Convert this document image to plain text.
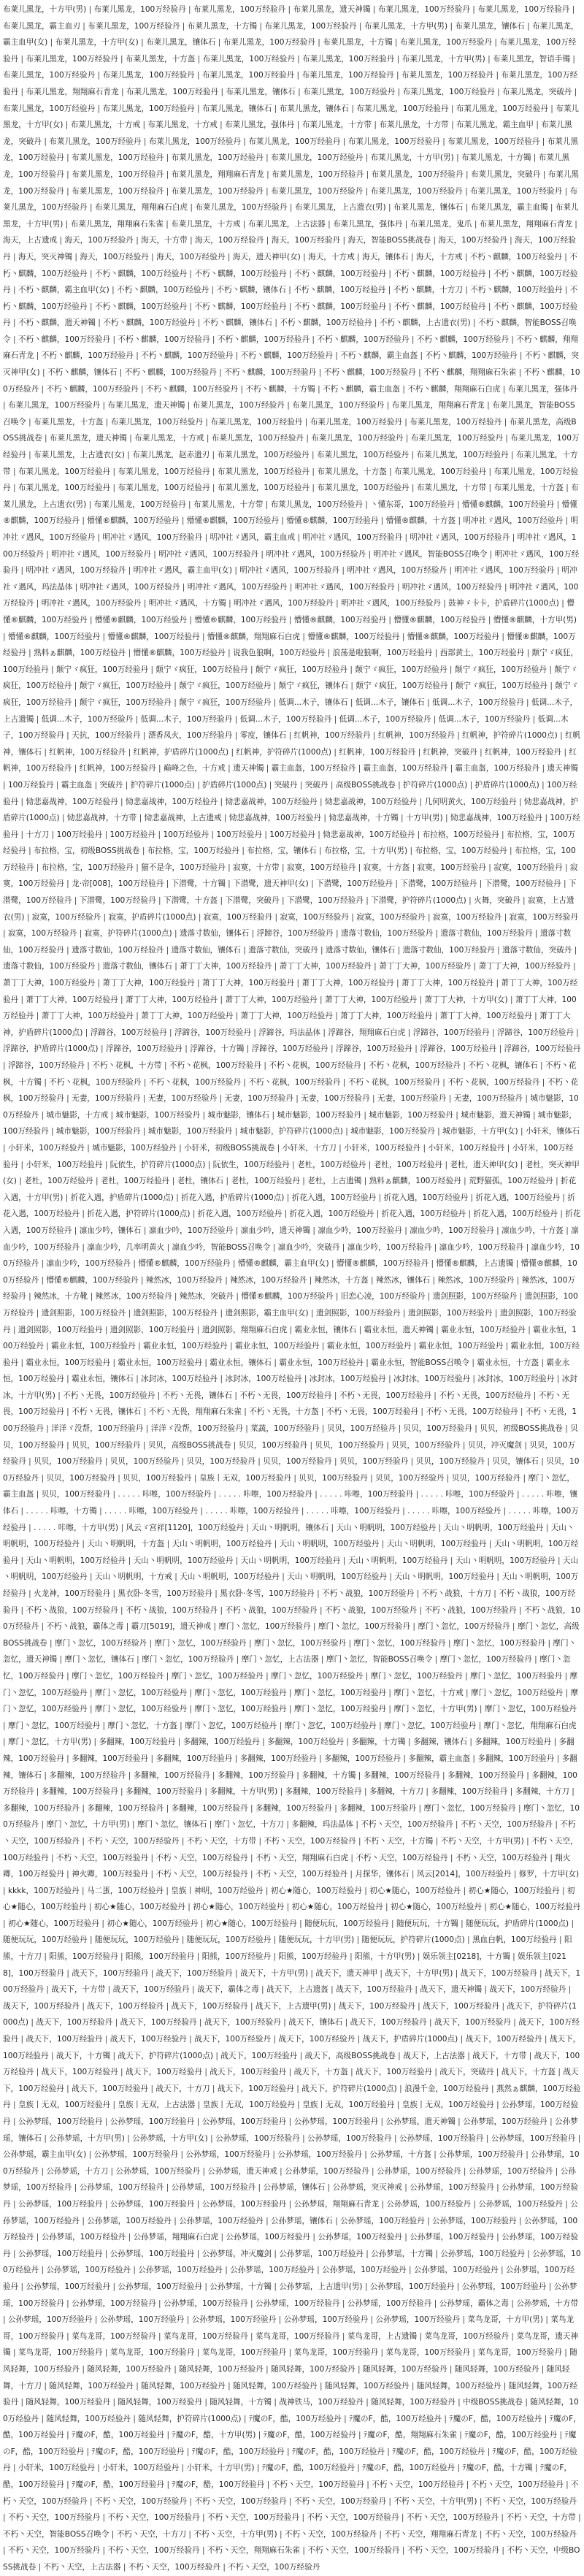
布莱儿黑龙，十方甲(男) | 布莱儿黑龙，100万经验丹 | 布莱儿黑龙，100万经验丹 | 布莱儿黑龙，遗天神镯 | 布莱儿黑龙，100万经验丹 | 布莱儿黑龙，100万经验丹 | 布莱儿黑龙，霸主血刃 | 布莱儿黑龙，100万经验丹 | 布莱儿黑龙，十方镯 | 布莱儿黑龙，100万经验丹 | 布莱儿黑龙，十方甲(男) | 布莱儿黑龙，镶体石 | 布莱儿黑龙，霸主血甲(女) | 布莱儿黑龙，十方甲(女) | 布莱儿黑龙，镶体石 | 布莱儿黑龙，100万经验丹 | 布莱儿黑龙，十方镯 | 布莱儿黑龙，100万经验丹 | 布莱儿黑龙，100万经验丹 | 布莱儿黑龙，100万经验丹 | 布莱儿黑龙，十方盔 | 布莱儿黑龙，100万经验丹 | 布莱儿黑龙，100万经验丹 | 布莱儿黑龙，十方甲(男) | 布莱儿黑龙，智语手镯 | 布莱儿黑龙，100万经验丹 | 布莱儿黑龙，100万经验丹 | 布莱儿黑龙，100万经验丹 | 布莱儿黑龙，100万经验丹 | 布莱儿黑龙，100万经验丹 | 布莱儿黑龙，100万经验丹 | 布莱儿黑龙，翔翔麻石青龙 | 布莱儿黑龙，100万经验丹 | 布莱儿黑龙，镶体石 | 布莱儿黑龙，100万经验丹 | 布莱儿黑龙，100万经验丹 | 布莱儿黑龙，突破丹 | 布莱儿黑龙，100万经验丹 | 布莱儿黑龙，100万经验丹 | 布莱儿黑龙，镶体石 | 布莱儿黑龙，镶体石 | 布莱儿黑龙，100万经验丹 | 布莱儿黑龙，100万经验丹 | 布莱儿黑龙，十方甲(女) | 布莱儿黑龙，十方戒 | 布莱儿黑龙，十方戒 | 布莱儿黑龙，强体丹 | 布莱儿黑龙，十方带 | 布莱儿黑龙，十方带 | 布莱儿黑龙，霸主血甲 | 布莱儿黑龙，突破丹 | 布莱儿黑龙，100万经验丹 | 布莱儿黑龙，100万经验丹 | 布莱儿黑龙，100万经验丹 | 布莱儿黑龙，100万经验丹 | 布莱儿黑龙，100万经验丹 | 布莱儿黑龙，100万经验丹 | 布莱儿黑龙，100万经验丹 | 布莱儿黑龙，100万经验丹 | 布莱儿黑龙，100万经验丹 | 布莱儿黑龙，十方甲(男) | 布莱儿黑龙，十方镯 | 布莱儿黑龙，100万经验丹 | 布莱儿黑龙，100万经验丹 | 布莱儿黑龙，翔翔麻石青龙 | 布莱儿黑龙，100万经验丹 | 布莱儿黑龙，100万经验丹 | 布莱儿黑龙，突破丹 | 布莱儿黑龙，100万经验丹 | 布莱儿黑龙，100万经验丹 | 布莱儿黑龙，100万经验丹 | 布莱儿黑龙，100万经验丹 | 布莱儿黑龙，100万经验丹 | 布莱儿黑龙，100万经验丹 | 布莱儿黑龙，100万经验丹 | 布莱儿黑龙，翔翔麻石白虎 | 布莱儿黑龙，100万经验丹 | 布莱儿黑龙，上古遗衣(男) | 布莱儿黑龙，镶体石 | 布莱儿黑龙，霸主血镯 | 布莱儿黑龙，十方甲(男) | 布莱儿黑龙，翔翔麻石朱雀 | 布莱儿黑龙，十方戒 | 布莱儿黑龙，上古法器 | 布莱儿黑龙，强体丹 | 布莱儿黑龙，鬼爪 | 布莱儿黑龙，翔翔麻石青龙 | 海天，上古遗戒 | 海天，100万经验丹 | 海天，十方带 | 海天，100万经验丹 | 海天，100万经验丹 | 海天，智能BOSS挑战卷 | 海天，100万经验丹 | 海天，100万经验丹 | 海天，突灭神镯 | 海天，100万经验丹 | 海天，100万经验丹 | 海天，遗天神甲(女) | 海天，十方戒 | 海天，镶体石 | 海天，十方戒 | 不朽丶麒麟，100万经验丹 | 不朽丶麒麟，100万经验丹 | 不朽丶麒麟，100万经验丹 | 不朽丶麒麟，100万经验丹 | 不朽丶麒麟，100万经验丹 | 不朽丶麒麟，100万经验丹 | 不朽丶麒麟，100万经验丹 | 不朽丶麒麟，霸主血甲(女) | 不朽丶麒麟，100万经验丹 | 不朽丶麒麟，镶体石 | 不朽丶麒麟，100万经验丹 | 不朽丶麒麟，十方刀 | 不朽丶麒麟，100万经验丹 | 不朽丶麒麟，100万经验丹 | 不朽丶麒麟，100万经验丹 | 不朽丶麒麟，100万经验丹 | 不朽丶麒麟，100万经验丹 | 不朽丶麒麟，100万经验丹 | 不朽丶麒麟，100万经验丹 | 不朽丶麒麟，遗天神镯 | 不朽丶麒麟，100万经验丹 | 不朽丶麒麟，镶体石 | 不朽丶麒麟，100万经验丹 | 不朽丶麒麟，上古遗衣(男) | 不朽丶麒麟，智能BOSS召唤令 | 不朽丶麒麟，100万经验丹 | 不朽丶麒麟，100万经验丹 | 不朽丶麒麟，100万经验丹 | 不朽丶麒麟，100万经验丹 | 不朽丶麒麟，100万经验丹 | 不朽丶麒麟，翔翔麻石青龙 | 不朽丶麒麟，100万经验丹 | 不朽丶麒麟，100万经验丹 | 不朽丶麒麟，100万经验丹 | 不朽丶麒麟，霸主血盔 | 不朽丶麒麟，100万经验丹 | 不朽丶麒麟，突灭神甲(女) | 不朽丶麒麟，镶体石 | 不朽丶麒麟，100万经验丹 | 不朽丶麒麟，100万经验丹 | 不朽丶麒麟，100万经验丹 | 不朽丶麒麟，翔翔麻石朱雀 | 不朽丶麒麟，100万经验丹 | 不朽丶麒麟，100万经验丹 | 不朽丶麒麟，100万经验丹 | 不朽丶麒麟，十方镯 | 不朽丶麒麟，霸主血盔 | 不朽丶麒麟，翔翔麻石白虎 | 布莱儿黑龙，强体丹 | 布莱儿黑龙，100万经验丹 | 布莱儿黑龙，遗天神镯 | 布莱儿黑龙，100万经验丹 | 布莱儿黑龙，100万经验丹 | 布莱儿黑龙，翔翔麻石青龙 | 布莱儿黑龙，智能BOSS召唤令 | 布莱儿黑龙，十方盔 | 布莱儿黑龙，100万经验丹 | 布莱儿黑龙，100万经验丹 | 布莱儿黑龙，100万经验丹 | 布莱儿黑龙，100万经验丹 | 布莱儿黑龙，高级BOSS挑战卷 | 布莱儿黑龙，遗天神镯 | 布莱儿黑龙，十方戒 | 布莱儿黑龙，100万经验丹 | 布莱儿黑龙，100万经验丹 | 布莱儿黑龙，100万经验丹 | 布莱儿黑龙，100万经验丹 | 布莱儿黑龙，上古遗衣(女) | 布莱儿黑龙，赵赤遗刃 | 布莱儿黑龙，100万经验丹 | 布莱儿黑龙，100万经验丹 | 布莱儿黑龙，100万经验丹 | 布莱儿黑龙，十方带 | 布莱儿黑龙，100万经验丹 | 布莱儿黑龙，100万经验丹 | 布莱儿黑龙，100万经验丹 | 布莱儿黑龙，十方盔 | 布莱儿黑龙，100万经验丹 | 布莱儿黑龙，100万经验丹 | 布莱儿黑龙，100万经验丹 | 布莱儿黑龙，100万经验丹 | 布莱儿黑龙，100万经验丹 | 布莱儿黑龙，100万经验丹 | 布莱儿黑龙，十方带 | 布莱儿黑龙，十方盔 | 布莱儿黑龙，上古遗衣(男) | 布莱儿黑龙，100万经验丹 | 布莱儿黑龙，十方带 | 布莱儿黑龙，100万经验丹 | 丶懂东哥，100万经验丹 | 懵懂®麒麟，100万经验丹 | 懵懂®麒麟，100万经验丹 | 懵懂®麒麟，100万经验丹 | 懵懂®麒麟，100万经验丹 | 懵懂®麒麟，100万经验丹 | 懵懂®麒麟，十方盔 | 明冲社ゞ遇风，100万经验丹 | 明冲社ゞ遇风，100万经验丹 | 明冲社ゞ遇风，100万经验丹 | 明冲社ゞ遇风，霸主血戒 | 明冲社ゞ遇风，100万经验丹 | 明冲社ゞ遇风，100万经验丹 | 明冲社ゞ遇风，100万经验丹 | 明冲社ゞ遇风，100万经验丹 | 明冲社ゞ遇风，100万经验丹 | 明冲社ゞ遇风，100万经验丹 | 明冲社ゞ遇风，智能BOSS召唤令 | 明冲社ゞ遇风，100万经验丹 | 明冲社ゞ遇风，100万经验丹 | 明冲社ゞ遇风，霸主血甲(女) | 明冲社ゞ遇风，100万经验丹 | 明冲社ゞ遇风，100万经验丹 | 明冲社ゞ遇风，100万经验丹 | 明冲社ゞ遇风，玛法晶体 | 明冲社ゞ遇风，100万经验丹 | 明冲社ゞ遇风，100万经验丹 | 明冲社ゞ遇风，100万经验丹 | 明冲社ゞ遇风，100万经验丹 | 明冲社ゞ遇风，100万经验丹 | 明冲社ゞ遇风，100万经验丹 | 明冲社ゞ遇风，十方镯 | 明冲社ゞ遇风，100万经验丹 | 明冲社ゞ遇风，100万经验丹 | 鼓神ゞ卡卡，护盾碎片(1000点) | 懵懂®麒麟，100万经验丹 | 懵懂®麒麟，100万经验丹 | 懵懂®麒麟，100万经验丹 | 懵懂®麒麟，100万经验丹 | 懵懂®麒麟，100万经验丹 | 懵懂®麒麟，十方甲(男) | 懵懂®麒麟，100万经验丹 | 懵懂®麒麟，100万经验丹 | 懵懂®麒麟，翔翔麻石白虎 | 懵懂®麒麟，100万经验丹 | 懵懂®麒麟，100万经验丹 | 懵懂®麒麟，100万经验丹 | 熟料ぁ麒麟，100万经验丹 | 懵懂®麒麟，100万经验丹 | 说我色狼啊，100万经验丹 | 浪荡是啦狼啊，100万经验丹 | 西部黄土，100万经验丹 | 颠宁ゞ疯狂，100万经验丹 | 颠宁ゞ疯狂，100万经验丹 | 颠宁ゞ疯狂，100万经验丹 | 颠宁ゞ疯狂，100万经验丹 | 颠宁ゞ疯狂，100万经验丹 | 颠宁ゞ疯狂，100万经验丹 | 颠宁ゞ疯狂，100万经验丹 | 颠宁ゞ疯狂，100万经验丹 | 颠宁ゞ疯狂，100万经验丹 | 颠宁ゞ疯狂，镶体石 | 颠宁ゞ疯狂，100万经验丹 | 颠宁ゞ疯狂，100万经验丹 | 颠宁ゞ疯狂，100万经验丹 | 颠宁ゞ疯狂，100万经验丹 | 颠宁ゞ疯狂，100万经验丹 | 低调...木子，镶体石 | 低调...木子，镶体石 | 低调...木子，100万经验丹 | 低调...木子，上古遗镯 | 低调...木子，100万经验丹 | 低调...木子，100万经验丹 | 低调...木子，100万经验丹 | 低调...木子，100万经验丹 | 低调...木子，100万经验丹 | 低调...木子，100万经验丹 | 天抗，100万经验丹 | 漂香凤火，100万经验丹 | 零度，镶体石 | 红帆神，100万经验丹 | 红帆神，100万经验丹 | 红帆神，护符碎片(1000点) | 红帆神，镶体石 | 红帆神，100万经验丹 | 红帆神，护盾碎片(1000点) | 红帆神，护符碎片(1000点) | 红帆神，100万经验丹 | 红帆神，突破丹 | 红帆神，100万经验丹 | 红帆神，100万经验丹 | 红帆神，100万经验丹 | 巅峰之色，十方戒 | 遗天神镯 | 霸主血盔，100万经验丹 | 霸主血盔，100万经验丹 | 霸主血盔，100万经验丹 | 遗天神镯 | 100万经验丹 | 霸主血盔 | 突破丹 | 护符碎片(1000点) | 护盾碎片(1000点) | 突破丹 | 突破丹 | 高级BOSS挑战卷 | 护符碎片(1000点) | 护盾碎片(1000点) | 100万经验丹 | 恸悲嘉战神，100万经验丹 | 恸悲嘉战神，100万经验丹 | 恸悲嘉战神，100万经验丹 | 恸悲嘉战神，100万经验丹 | 几何明黄火，100万经验丹 | 恸悲嘉战神，护盾碎片(1000点) | 恸悲嘉战神，十方带 | 恸悲嘉战神，上古遗戒 | 恸悲嘉战神，100万经验丹 | 恸悲嘉战神，十方镯 | 十方甲(男) | 恸悲嘉战神，100万经验丹 | 100万经验丹 | 十方刀 | 100万经验丹 | 100万经验丹 | 100万经验丹 | 100万经验丹 | 100万经验丹 | 恸悲嘉战神，100万经验丹 | 布拉格，100万经验丹 | 布拉格，宝，100万经验丹 | 布拉格，宝，初级BOSS挑战卷 | 布拉格，宝，100万经验丹 | 布拉格，宝，镶体石 | 布拉格，宝，十方甲(男) | 布拉格，宝，100万经验丹 | 布拉格，宝，100万经验丹 | 布拉格，宝，100万经验丹 | 猫不是伞，100万经验丹 | 寂寞，十方带 | 寂寞，100万经验丹 | 寂寞，十方盔 | 寂寞，100万经验丹 | 寂寞，100万经验丹 | 寂寞，100万经验丹 | 龙·帝[008]，100万经验丹 | 下潜鹭，十方镯 | 下潜鹭，遗天神甲(女) | 下潜鹭，100万经验丹 | 下潜鹭，100万经验丹 | 下潜鹭，100万经验丹 | 下潜鹭，100万经验丹 | 下潜鹭，100万经验丹 | 下潜鹭，十方盔 | 下潜鹭，突破丹 | 下潜鹭，100万经验丹 | 下潜鹭，护符碎片(1000点) | 火舞，突破丹 | 寂寞，上古遗衣(男) | 寂寞，100万经验丹 | 寂寞，护盾碎片(1000点) | 寂寞，100万经验丹 | 寂寞，100万经验丹 | 寂寞，100万经验丹 | 寂寞，100万经验丹 | 寂寞，100万经验丹 | 寂寞，100万经验丹 | 寂寞，护符碎片(1000点) | 遗落寸数仙，镶体石 | 浮蹄谷，100万经验丹 | 遗落寸数仙，100万经验丹 | 遗落寸数仙，100万经验丹 | 遗落寸数仙，100万经验丹 | 遗落寸数仙，100万经验丹 | 遗落寸数仙，镶体石 | 遗落寸数仙，突破丹 | 遗落寸数仙，镶体石 | 遗落寸数仙，100万经验丹 | 遗落寸数仙，突破丹 | 遗落寸数仙，100万经验丹 | 遗落寸数仙，镶体石 | 萧丁丁大神，100万经验丹 | 萧丁丁大神，100万经验丹 | 萧丁丁大神，100万经验丹 | 萧丁丁大神，100万经验丹 | 萧丁丁大神，100万经验丹 | 萧丁丁大神，100万经验丹 | 萧丁丁大神，100万经验丹 | 萧丁丁大神，100万经验丹 | 萧丁丁大神，100万经验丹 | 萧丁丁大神，100万经验丹 | 萧丁丁大神，100万经验丹 | 萧丁丁大神，100万经验丹 | 萧丁丁大神，100万经验丹 | 萧丁丁大神，100万经验丹 | 萧丁丁大神，十方甲(女) | 萧丁丁大神，100万经验丹 | 萧丁丁大神，100万经验丹 | 萧丁丁大神，100万经验丹 | 萧丁丁大神，100万经验丹 | 萧丁丁大神，100万经验丹 | 萧丁丁大神，100万经验丹 | 萧丁丁大神，护盾碎片(1000点) | 浮蹄谷，100万经验丹 | 浮蹄谷，100万经验丹 | 浮蹄谷，玛法晶体 | 浮蹄谷，翔翔麻石白虎 | 浮蹄谷，100万经验丹 | 浮蹄谷，100万经验丹 | 浮蹄谷，护盾碎片(1000点) | 浮蹄谷，100万经验丹 | 浮蹄谷，十方镯 | 浮蹄谷，100万经验丹 | 浮蹄谷，100万经验丹 | 浮蹄谷，100万经验丹 | 浮蹄谷，100万经验丹 | 浮蹄谷，100万经验丹 | 不朽丶花枫，十方带 | 不朽丶花枫，100万经验丹 | 不朽丶花枫，100万经验丹 | 不朽丶花枫，100万经验丹 | 不朽丶花枫，镶体石 | 不朽丶花枫，十方镯 | 不朽丶花枫，100万经验丹 | 不朽丶花枫，100万经验丹 | 不朽丶花枫，100万经验丹 | 不朽丶花枫，100万经验丹 | 不朽丶花枫，100万经验丹 | 不朽丶花枫，100万经验丹 | 无妻，100万经验丹 | 无妻，100万经验丹 | 无妻，100万经验丹 | 无妻，100万经验丹 | 无妻，100万经验丹 | 无妻，100万经验丹 | 城市魅影，100万经验丹 | 城市魅影，十方戒 | 城市魅影，100万经验丹 | 城市魅影，镶体石 | 城市魅影，100万经验丹 | 城市魅影，100万经验丹 | 城市魅影，遗天神镯 | 城市魅影，100万经验丹 | 城市魅影，100万经验丹 | 城市魅影，100万经验丹 | 城市魅影，护符碎片(1000点) | 城市魅影，100万经验丹 | 城市魅影，十方甲(女) | 小轩米，镶体石 | 小轩米，100万经验丹 | 城市魅影，100万经验丹 | 小轩米，初级BOSS挑战卷 | 小轩米，十方刀 | 小轩米，100万经验丹 | 小轩米，100万经验丹 | 小轩米，100万经验丹 | 小轩米，100万经验丹 | 阮依生，护符碎片(1000点) | 阮依生，100万经验丹 | 老杜，100万经验丹 | 老杜，100万经验丹 | 老杜，遗天神甲(女) | 老杜，突灭神甲(女) | 老杜，100万经验丹 | 老杜，100万经验丹 | 老杜，镶体石 | 老杜，100万经验丹 | 老杜，上古遗镯 | 熟料ぁ麒麟，100万经验丹 | 荒野猫孤，100万经验丹 | 折花入遇，十方甲(男) | 折花入遇，护盾碎片(1000点) | 折花入遇，护盾碎片(1000点) | 折花入遇，100万经验丹 | 折花入遇，100万经验丹 | 折花入遇，100万经验丹 | 折花入遇，100万经验丹 | 折花入遇，护符碎片(1000点) | 折花入遇，100万经验丹 | 折花入遇，100万经验丹 | 折花入遇，100万经验丹 | 折花入遇，100万经验丹 | 折花入遇，100万经验丹 | 凛血少吟，镶体石 | 凛血少吟，100万经验丹 | 凛血少吟，遗天神镯 | 凛血少吟，100万经验丹 | 凛血少吟，100万经验丹 | 凛血少吟，十方盔 | 凛血少吟，100万经验丹 | 凛血少吟，几率明黄火 | 凛血少吟，智能BOSS召唤令 | 凛血少吟，突破丹 | 凛血少吟，100万经验丹 | 凛血少吟，100万经验丹 | 凛血少吟，100万经验丹 | 凛血少吟，100万经验丹 | 懵懂®麒麟，100万经验丹 | 懵懂®麒麟，霸主血甲(女) | 懵懂®麒麟，100万经验丹 | 懵懂®麒麟，上古遗镯 | 懵懂®麒麟，100万经验丹 | 懵懂®麒麟，100万经验丹 | 辣然冰，100万经验丹 | 辣然冰，100万经验丹 | 辣然冰，十方盔 | 辣然冰，镶体石 | 辣然冰，100万经验丹 | 辣然冰，100万经验丹 | 辣然冰，十方靴 | 辣然冰，100万经验丹 | 辣然冰，突破丹 | 懵懂®麒麟，100万经验丹 | 旧恋心凌，100万经验丹 | 遗剑照影，100万经验丹 | 遗剑照影，100万经验丹 | 遗剑照影，100万经验丹 | 遗剑照影，100万经验丹 | 遗剑照影，霸主血甲(女) | 遗剑照影，100万经验丹 | 遗剑照影，100万经验丹 | 遗剑照影，100万经验丹 | 遗剑照影，100万经验丹 | 遗剑照影，100万经验丹 | 遗剑照影，翔翔麻石白虎 | 霸业永恒，镶体石 | 霸业永恒，遗天神镯 | 霸业永恒，100万经验丹 | 霸业永恒，100万经验丹 | 霸业永恒，100万经验丹 | 霸业永恒，100万经验丹 | 霸业永恒，100万经验丹 | 霸业永恒，100万经验丹 | 霸业永恒，100万经验丹 | 霸业永恒，100万经验丹 | 霸业永恒，100万经验丹 | 霸业永恒，100万经验丹 | 霸业永恒，镶体石 | 霸业永恒，100万经验丹 | 霸业永恒，智能BOSS召唤令 | 霸业永恒，十方盔 | 霸业永恒，100万经验丹 | 霸业永恒，镶体石 | 冰封冰，100万经验丹 | 冰封冰，100万经验丹 | 冰封冰，100万经验丹 | 冰封冰，100万经验丹 | 冰封冰，100万经验丹 | 冰封冰，十方甲(男) | 不朽丶无畏，100万经验丹 | 不朽丶无畏，镶体石 | 不朽丶无畏，100万经验丹 | 不朽丶无畏，100万经验丹 | 不朽丶无畏，100万经验丹 | 不朽丶无畏，100万经验丹 | 不朽丶无畏，镶体石 | 不朽丶无畏，翔翔麻石朱雀 | 不朽丶无畏，十方盔 | 不朽丶无畏，100万经验丹 | 不朽丶无畏，100万经验丹 | 不朽丶无畏，100万经验丹 | 洋洋ゞ没帮，100万经验丹 | 洋洋ゞ没帮，100万经验丹 | 菜蔬，100万经验丹 | 贝贝，100万经验丹 | 贝贝，100万经验丹 | 贝贝，初级BOSS挑战卷 | 贝贝，100万经验丹 | 贝贝，100万经验丹 | 贝贝，高级BOSS挑战卷 | 贝贝，100万经验丹 | 贝贝，100万经验丹 | 贝贝，100万经验丹 | 贝贝，冲灭魔剑 | 贝贝，100万经验丹 | 贝贝，100万经验丹 | 贝贝，100万经验丹 | 贝贝，100万经验丹 | 贝贝，100万经验丹 | 贝贝，100万经验丹 | 贝贝，100万经验丹 | 贝贝，镶体石 | 贝贝，100万经验丹 | 贝贝，100万经验丹 | 贝贝，100万经验丹 | 皇族丨无双，100万经验丹 | 贝贝，100万经验丹 | 贝贝，100万经验丹 | 贝贝，100万经验丹 | 摩门丶忽忆，霸主血盔 | 贝贝，100万经验丹 | . . . . . 咔嚓，100万经验丹 | . . . . . 咔嚓，100万经验丹 | . . . . . 咔嚓，100万经验丹 | . . . . . 咔嚓，100万经验丹 | . . . . . 咔嚓，镶体石 | . . . . . 咔嚓，十方镯 | . . . . . 咔嚓，100万经验丹 | . . . . . 咔嚓，100万经验丹 | . . . . . 咔嚓，100万经验丹 | . . . . . 咔嚓，100万经验丹 | . . . . . 咔嚓，100万经验丹 | . . . . . 咔嚓，十方甲(男) | 风云ゞ宫祥[1120]，100万经验丹 | 天山丶明帆明，镶体石 | 天山丶明帆明，100万经验丹 | 天山丶明帆明，100万经验丹 | 天山丶明帆明，100万经验丹 | 天山丶明帆明，十方盔 | 天山丶明帆明，100万经验丹 | 天山丶明帆明，100万经验丹 | 天山丶明帆明，100万经验丹 | 天山丶明帆明，100万经验丹 | 天山丶明帆明，100万经验丹 | 天山丶明帆明，100万经验丹 | 天山丶明帆明，100万经验丹 | 天山丶明帆明，100万经验丹 | 天山丶明帆明，100万经验丹 | 天山丶明帆明，100万经验丹 | 天山丶明帆明，十方戒 | 天山丶明帆明，100万经验丹 | 天山丶明帆明，100万经验丹 | 天山丶明帆明，100万经验丹 | 天山丶明帆明，100万经验丹 | 火龙神，100万经验丹 | 黑衣卧·冬雪，100万经验丹 | 黑衣卧·冬雪，100万经验丹 | 不朽丶战狼，100万经验丹 | 不朽丶战狼，十方刀 | 不朽丶战狼，100万经验丹 | 不朽丶战狼，100万经验丹 | 不朽丶战狼，100万经验丹 | 不朽丶战狼，100万经验丹 | 不朽丶战狼，100万经验丹 | 不朽丶战狼，100万经验丹 | 不朽丶战狼，100万经验丹 | 不朽丶战狼，霸体之毒 | 霸刀[5019]，遗天神戒 | 摩门丶忽忆，100万经验丹 | 摩门丶忽忆，100万经验丹 | 摩门丶忽忆，100万经验丹 | 摩门丶忽忆，高级BOSS挑战卷 | 摩门丶忽忆，100万经验丹 | 摩门丶忽忆，100万经验丹 | 摩门丶忽忆，100万经验丹 | 摩门丶忽忆，100万经验丹 | 摩门丶忽忆，100万经验丹 | 摩门丶忽忆，遗天神镯 | 摩门丶忽忆，镶体石 | 摩门丶忽忆，100万经验丹 | 摩门丶忽忆，上古法器 | 摩门丶忽忆，智能BOSS召唤令 | 摩门丶忽忆，100万经验丹 | 摩门丶忽忆，100万经验丹 | 摩门丶忽忆，100万经验丹 | 摩门丶忽忆，100万经验丹 | 摩门丶忽忆，100万经验丹 | 摩门丶忽忆，100万经验丹 | 摩门丶忽忆，100万经验丹 | 摩门丶忽忆，100万经验丹 | 摩门丶忽忆，100万经验丹 | 摩门丶忽忆，100万经验丹 | 摩门丶忽忆，100万经验丹 | 摩门丶忽忆，十方戒 | 摩门丶忽忆，100万经验丹 | 摩门丶忽忆，100万经验丹 | 摩门丶忽忆，100万经验丹 | 摩门丶忽忆，100万经验丹 | 摩门丶忽忆，100万经验丹 | 摩门丶忽忆，十方甲(男) | 摩门丶忽忆，100万经验丹 | 摩门丶忽忆，100万经验丹 | 摩门丶忽忆，十方盔 | 摩门丶忽忆，100万经验丹 | 摩门丶忽忆，100万经验丹 | 摩门丶忽忆，100万经验丹 | 摩门丶忽忆，翔翔麻石白虎 | 摩门丶忽忆，十方甲(男) | 多翻辣，100万经验丹 | 多翻辣，100万经验丹 | 多翻辣，100万经验丹 | 多翻辣，十方镯 | 多翻辣，镶体石 | 多翻辣，100万经验丹 | 多翻辣，100万经验丹 | 多翻辣，100万经验丹 | 多翻辣，100万经验丹 | 多翻辣，100万经验丹 | 多翻辣，100万经验丹 | 多翻辣，霸主血盔 | 多翻辣，100万经验丹 | 多翻辣，镶体石 | 多翻辣，100万经验丹 | 多翻辣，100万经验丹 | 多翻辣，100万经验丹 | 多翻辣，十方镯 | 多翻辣，100万经验丹 | 多翻辣，100万经验丹 | 多翻辣，100万经验丹 | 多翻辣，100万经验丹 | 多翻辣，100万经验丹 | 多翻辣，十方甲(男) | 多翻辣，100万经验丹 | 多翻辣，十方刀 | 多翻辣，100万经验丹 | 多翻辣，十方刀 | 多翻辣，100万经验丹 | 多翻辣，100万经验丹 | 多翻辣，100万经验丹 | 多翻辣，100万经验丹 | 多翻辣，100万经验丹 | 摩门丶忽忆，100万经验丹 | 摩门丶忽忆，100万经验丹 | 摩门丶忽忆，十方甲(男) | 摩门丶忽忆，镶体石 | 摩门丶忽忆，十方刀 | 多翻辣，玛法晶体 | 不朽丶天空，100万经验丹 | 不朽丶天空，100万经验丹 | 不朽丶天空，100万经验丹 | 不朽丶天空，100万经验丹 | 不朽丶天空，十方带 | 不朽丶天空，100万经验丹 | 不朽丶天空，十方镯 | 不朽丶天空，十方甲(男) | 不朽丶天空，100万经验丹 | 不朽丶天空，100万经验丹 | 不朽丶天空，100万经验丹 | 不朽丶天空，翔翔麻石白虎 | 不朽丶天空，100万经验丹 | 不朽丶天空，100万经验丹 | 翔火卿，100万经验丹 | 神火卿，100万经验丹 | 不朽丶天空，100万经验丹 | 不朽丶天空，100万经验丹 | 月探华，镶体石 | 风云[2014]，100万经验丹 | 修罗，十方甲(女) | kkkk，100万经验丹 | 马二蛋，100万经验丹 | 皇族丨神明，100万经验丹 | 初心★随心，100万经验丹 | 初心★随心，100万经验丹 | 初心★随心，100万经验丹 | 初心★随心，100万经验丹 | 初心★随心，100万经验丹 | 初心★随心，100万经验丹 | 初心★随心，100万经验丹 | 初心★随心，100万经验丹 | 初心★随心，100万经验丹 | 初心★随心，100万经验丹 | 初心★随心，100万经验丹 | 初心★随心，100万经验丹 | 随便玩玩，100万经验丹 | 随便玩玩，十方镯 | 随便玩玩，护盾碎片(1000点) | 随便玩玩，100万经验丹 | 随便玩玩，100万经验丹 | 随便玩玩，100万经验丹 | 随便玩玩，十方甲(男) | 随便玩玩，护符碎片(1000点) | 黑血白帆，100万经验丹 | 阳熊，十方刀 | 阳熊，100万经验丹 | 阳熊，100万经验丹 | 阳熊，100万经验丹 | 阳熊，100万经验丹 | 阳熊，十方甲(男) | 娱乐领主[0218]，十方镯 | 娱乐领主[0218]，100万经验丹 | 战天下，100万经验丹 | 战天下，100万经验丹 | 战天下，十方甲(男) | 战天下，遗天神甲 | 战天下，十方甲(男) | 战天下，100万经验丹 | 战天下，100万经验丹 | 战天下，十方带 | 战天下，100万经验丹 | 战天下，霸体之毒 | 战天下，上古遗盔 | 战天下，100万经验丹 | 战天下，遗天神镯 | 战天下，100万经验丹 | 战天下，100万经验丹 | 战天下，100万经验丹 | 战天下，100万经验丹 | 战天下，上古遗甲(男) | 战天下，100万经验丹 | 战天下，100万经验丹 | 战天下，护符碎片(1000点) | 战天下，100万经验丹 | 战天下，100万经验丹 | 战天下，100万经验丹 | 战天下，镶体石 | 战天下，100万经验丹 | 战天下，100万经验丹 | 战天下，100万经验丹 | 战天下，100万经验丹 | 战天下，100万经验丹 | 战天下，100万经验丹 | 战天下，100万经验丹 | 战天下，护盾碎片(1000点) | 战天下，100万经验丹 | 战天下，100万经验丹 | 战天下，十方镯 | 战天下，护符碎片(1000点) | 战天下，100万经验丹 | 战天下，高级BOSS挑战卷 | 战天下，上古法器 | 战天下，十方带 | 战天下，100万经验丹 | 战天下，100万经验丹 | 战天下，100万经验丹 | 战天下，100万经验丹 | 战天下，十方盔 | 战天下，100万经验丹 | 战天下，突破丹 | 战天下，十方盔 | 战天下，100万经验丹 | 战天下，100万经验丹 | 战天下，十方刀 | 战天下，100万经验丹 | 战天下，护符碎片(1000点) | 浪漫千金，100万经验丹 | 燕然ぁ麒麟，100万经验丹 | 皇族丨无双，100万经验丹 | 皇族丨无双，上古法器 | 皇族丨无双，100万经验丹 | 皇族丨无双，100万经验丹 | 皇族丨无双，100万经验丹 | 公孙梦瑶，100万经验丹 | 公孙梦瑶，100万经验丹 | 公孙梦瑶，100万经验丹 | 公孙梦瑶，100万经验丹 | 公孙梦瑶，100万经验丹 | 公孙梦瑶，遗天神镯 | 公孙梦瑶，100万经验丹 | 公孙梦瑶，镶体石 | 公孙梦瑶，十方甲(男) | 公孙梦瑶，十方甲(女) | 公孙梦瑶，100万经验丹 | 公孙梦瑶，100万经验丹 | 公孙梦瑶，100万经验丹 | 公孙梦瑶，100万经验丹 | 公孙梦瑶，霸主血甲(女) | 公孙梦瑶，100万经验丹 | 公孙梦瑶，100万经验丹 | 公孙梦瑶，100万经验丹 | 公孙梦瑶，十方盔 | 公孙梦瑶，100万经验丹 | 公孙梦瑶，100万经验丹 | 公孙梦瑶，十方刀 | 公孙梦瑶，100万经验丹 | 公孙梦瑶，遗天神戒 | 公孙梦瑶，100万经验丹 | 公孙梦瑶，100万经验丹 | 公孙梦瑶，100万经验丹 | 公孙梦瑶，100万经验丹 | 公孙梦瑶，100万经验丹 | 公孙梦瑶，100万经验丹 | 公孙梦瑶，镶体石 | 公孙梦瑶，突灭神戒 | 公孙梦瑶，100万经验丹 | 公孙梦瑶，100万经验丹 | 公孙梦瑶，100万经验丹 | 公孙梦瑶，100万经验丹 | 公孙梦瑶，100万经验丹 | 公孙梦瑶，翔翔麻石青龙 | 公孙梦瑶，100万经验丹 | 公孙梦瑶，100万经验丹 | 公孙梦瑶，100万经验丹 | 公孙梦瑶，100万经验丹 | 公孙梦瑶，100万经验丹 | 公孙梦瑶，镶体石 | 公孙梦瑶，100万经验丹 | 公孙梦瑶，100万经验丹 | 公孙梦瑶，100万经验丹 | 公孙梦瑶，100万经验丹 | 公孙梦瑶，翔翔麻石白虎 | 公孙梦瑶，100万经验丹 | 公孙梦瑶，100万经验丹 | 公孙梦瑶，100万经验丹 | 公孙梦瑶，100万经验丹 | 公孙梦瑶，100万经验丹 | 公孙梦瑶，100万经验丹 | 公孙梦瑶，冲灭魔剑 | 公孙梦瑶，100万经验丹 | 公孙梦瑶，十方镯 | 公孙梦瑶，100万经验丹 | 公孙梦瑶，100万经验丹 | 公孙梦瑶，100万经验丹 | 公孙梦瑶，100万经验丹 | 公孙梦瑶，100万经验丹 | 公孙梦瑶，100万经验丹 | 公孙梦瑶，100万经验丹 | 公孙梦瑶，100万经验丹 | 公孙梦瑶，100万经验丹 | 公孙梦瑶，100万经验丹 | 公孙梦瑶，十方镯 | 公孙梦瑶，上古遗甲(男) | 公孙梦瑶，100万经验丹 | 公孙梦瑶，100万经验丹 | 公孙梦瑶，100万经验丹 | 公孙梦瑶，100万经验丹 | 公孙梦瑶，100万经验丹 | 公孙梦瑶，100万经验丹 | 公孙梦瑶，100万经验丹 | 公孙梦瑶，霸体之毒 | 公孙梦瑶，十方带 | 公孙梦瑶，100万经验丹 | 公孙梦瑶，100万经验丹 | 公孙梦瑶，100万经验丹 | 公孙梦瑶，100万经验丹 | 公孙梦瑶，100万经验丹 | 菜鸟龙哥，十方甲(男) | 菜鸟龙哥，100万经验丹 | 菜鸟龙哥，100万经验丹 | 菜鸟龙哥，100万经验丹 | 菜鸟龙哥，100万经验丹 | 菜鸟龙哥，上古遗镯 | 菜鸟龙哥，100万经验丹 | 菜鸟龙哥，遗天神镯 | 菜鸟龙哥，100万经验丹 | 菜鸟龙哥，100万经验丹 | 菜鸟龙哥，100万经验丹 | 菜鸟龙哥，100万经验丹 | 菜鸟龙哥，100万经验丹 | 菜鸟龙哥，100万经验丹 | 随风轻舞，100万经验丹 | 随风轻舞，100万经验丹 | 随风轻舞，100万经验丹 | 随风轻舞，100万经验丹 | 随风轻舞，100万经验丹 | 随风轻舞，100万经验丹 | 随风轻舞，十方刀 | 随风轻舞，100万经验丹 | 随风轻舞，100万经验丹 | 随风轻舞，100万经验丹 | 随风轻舞，100万经验丹 | 随风轻舞，100万经验丹 | 随风轻舞，100万经验丹 | 随风轻舞，100万经验丹 | 随风轻舞，100万经验丹 | 随风轻舞，十方镯 | 战神铁马，100万经验丹 | 随风轻舞，100万经验丹 | 中级BOSS挑战卷 | 随风轻舞，100万经验丹 | 随风轻舞，100万经验丹 | 随风轻舞，护符碎片(1000点) | ﾃ魔のF，酷，100万经验丹 | ﾃ魔のF，酷，100万经验丹 | ﾃ魔のF，酷，100万经验丹 | ﾃ魔のF，酷，100万经验丹 | ﾃ魔のF，酷，100万经验丹 | ﾃ魔のF，酷，十方甲(男) | ﾃ魔のF，酷，100万经验丹 | ﾃ魔のF，酷，翔翔麻石朱雀 | ﾃ魔のF，酷，100万经验丹 | ﾃ魔のF，酷，100万经验丹 | ﾃ魔のF，酷，100万经验丹 | ﾃ魔のF，酷，100万经验丹 | ﾃ魔のF，酷，100万经验丹 | ﾃ魔のF，酷，100万经验丹 | ﾃ魔のF，酷，100万经验丹 | 小轩米，100万经验丹 | 小轩米，100万经验丹 | 小轩米，十方甲(男) | ﾃ魔のF，酷，100万经验丹 | ﾃ魔のF，酷，100万经验丹 | ﾃ魔のF，酷，十方镯 | ﾃ魔のF，酷，100万经验丹 | ﾃ魔のF，酷，100万经验丹 | ﾃ魔のF，酷，100万经验丹 | 不朽丶天空，100万经验丹 | 不朽丶天空，100万经验丹 | 不朽丶天空，100万经验丹 | 不朽丶天空，100万经验丹 | 不朽丶天空，100万经验丹 | 不朽丶天空，100万经验丹 | 不朽丶天空，100万经验丹 | 不朽丶天空，十方甲(男) | 不朽丶天空，100万经验丹 | 不朽丶天空，100万经验丹 | 不朽丶天空，100万经验丹 | 不朽丶天空，100万经验丹 | 不朽丶天空，100万经验丹 | 不朽丶天空，100万经验丹 | 不朽丶天空，十方带 | 不朽丶天空，智能BOSS召唤令 | 不朽丶天空，十方刀 | 不朽丶天空，十方甲(男) | 不朽丶天空，100万经验丹 | 不朽丶天空，翔翔麻石青龙 | 不朽丶天空，100万经验丹 | 不朽丶天空，100万经验丹 | 不朽丶天空，100万经验丹 | 不朽丶天空，翔翔麻石朱雀 | 不朽丶天空，100万经验丹 | 不朽丶天空，100万经验丹 | 不朽丶天空，中级BOSS挑战卷 | 不朽丶天空，上古法器 | 不朽丶天空，100万经验丹 | 不朽丶天空，100万经验丹
